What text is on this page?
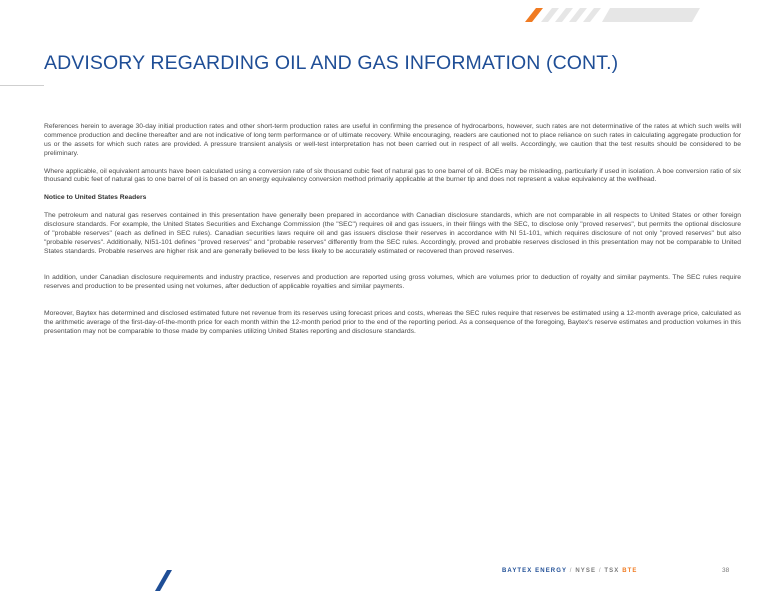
ADVISORY REGARDING OIL AND GAS INFORMATION (CONT.)

References herein to average 30-day initial production rates and other short-term production rates are useful in confirming the presence of hydrocarbons, however, such rates are not determinative of the rates at which such wells will commence production and decline thereafter and are not indicative of long term performance or of ultimate recovery. While encouraging, readers are cautioned not to place reliance on such rates in calculating aggregate production for us or the assets for which such rates are provided. A pressure transient analysis or well-test interpretation has not been carried out in respect of all wells. Accordingly, we caution that the test results should be considered to be preliminary.

Where applicable, oil equivalent amounts have been calculated using a conversion rate of six thousand cubic feet of natural gas to one barrel of oil. BOEs may be misleading, particularly if used in isolation. A boe conversion ratio of six thousand cubic feet of natural gas to one barrel of oil is based on an energy equivalency conversion method primarily applicable at the burner tip and does not represent a value equivalency at the wellhead.

Notice to United States Readers

The petroleum and natural gas reserves contained in this presentation have generally been prepared in accordance with Canadian disclosure standards, which are not comparable in all respects to United States or other foreign disclosure standards. For example, the United States Securities and Exchange Commission (the "SEC") requires oil and gas issuers, in their filings with the SEC, to disclose only "proved reserves", but permits the optional disclosure of "probable reserves" (each as defined in SEC rules). Canadian securities laws require oil and gas issuers disclose their reserves in accordance with NI 51-101, which requires disclosure of not only "proved reserves" but also "probable reserves". Additionally, NI51-101 defines "proved reserves" and "probable reserves" differently from the SEC rules. Accordingly, proved and probable reserves disclosed in this presentation may not be comparable to United States standards. Probable reserves are higher risk and are generally believed to be less likely to be accurately estimated or recovered than proved reserves.

In addition, under Canadian disclosure requirements and industry practice, reserves and production are reported using gross volumes, which are volumes prior to deduction of royalty and similar payments. The SEC rules require reserves and production to be presented using net volumes, after deduction of applicable royalties and similar payments.

Moreover, Baytex has determined and disclosed estimated future net revenue from its reserves using forecast prices and costs, whereas the SEC rules require that reserves be estimated using a 12-month average price, calculated as the arithmetic average of the first-day-of-the-month price for each month within the 12-month period prior to the end of the reporting period. As a consequence of the foregoing, Baytex's reserve estimates and production volumes in this presentation may not be comparable to those made by companies utilizing United States reporting and disclosure standards.

BAYTEX ENERGY / NYSE / TSX BTE	38
